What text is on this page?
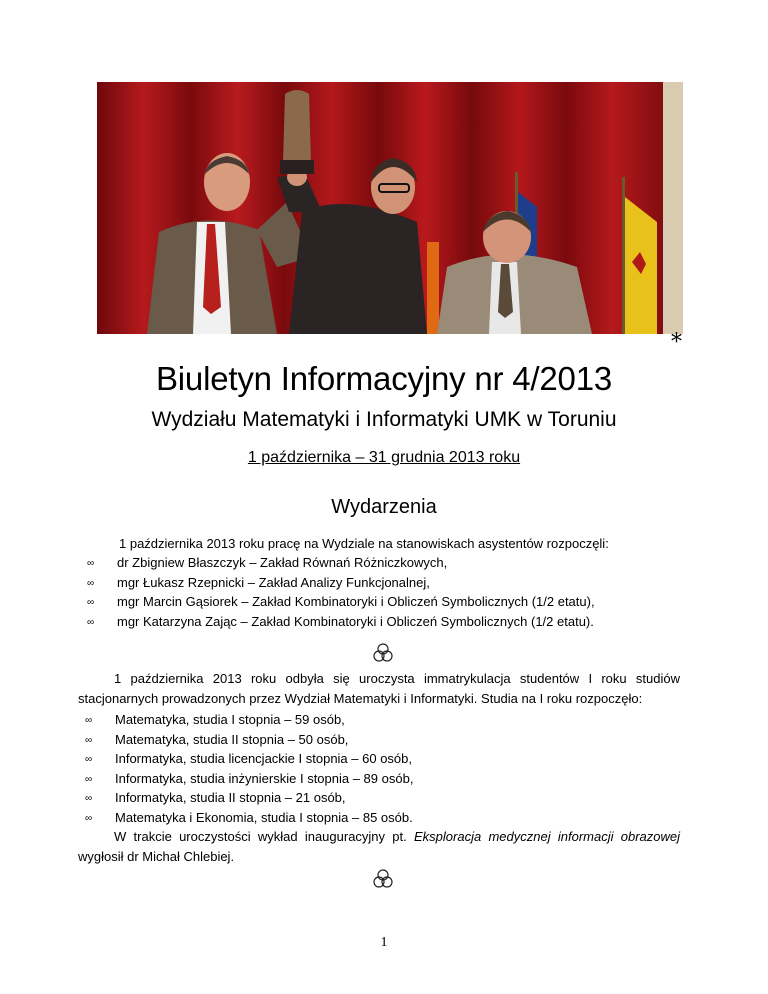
*
Biuletyn Informacyjny nr 4/2013
Wydziału Matematyki i Informatyki UMK w Toruniu
1 października – 31 grudnia 2013 roku
Wydarzenia
1 października 2013 roku pracę na Wydziale na stanowiskach asystentów rozpoczęli:
∞ dr Zbigniew Błaszczyk – Zakład Równań Różniczkowych,
∞ mgr Łukasz Rzepnicki – Zakład Analizy Funkcjonalnej,
∞ mgr Marcin Gąsiorek – Zakład Kombinatoryki i Obliczeń Symbolicznych (1/2 etatu),
∞ mgr Katarzyna Zając – Zakład Kombinatoryki i Obliczeń Symbolicznych (1/2 etatu).
1 października 2013 roku odbyła się uroczysta immatrykulacja studentów I roku studiów stacjonarnych prowadzonych przez Wydział Matematyki i Informatyki. Studia na I roku rozpoczęło:
∞ Matematyka, studia I stopnia – 59 osób,
∞ Matematyka, studia II stopnia – 50 osób,
∞ Informatyka, studia licencjackie I stopnia – 60 osób,
∞ Informatyka, studia inżynierskie I stopnia – 89 osób,
∞ Informatyka, studia II stopnia – 21 osób,
∞ Matematyka i Ekonomia, studia I stopnia – 85 osób.
W trakcie uroczystości wykład inauguracyjny pt. Eksploracja medycznej informacji obrazowej wygłosił dr Michał Chlebiej.
1
